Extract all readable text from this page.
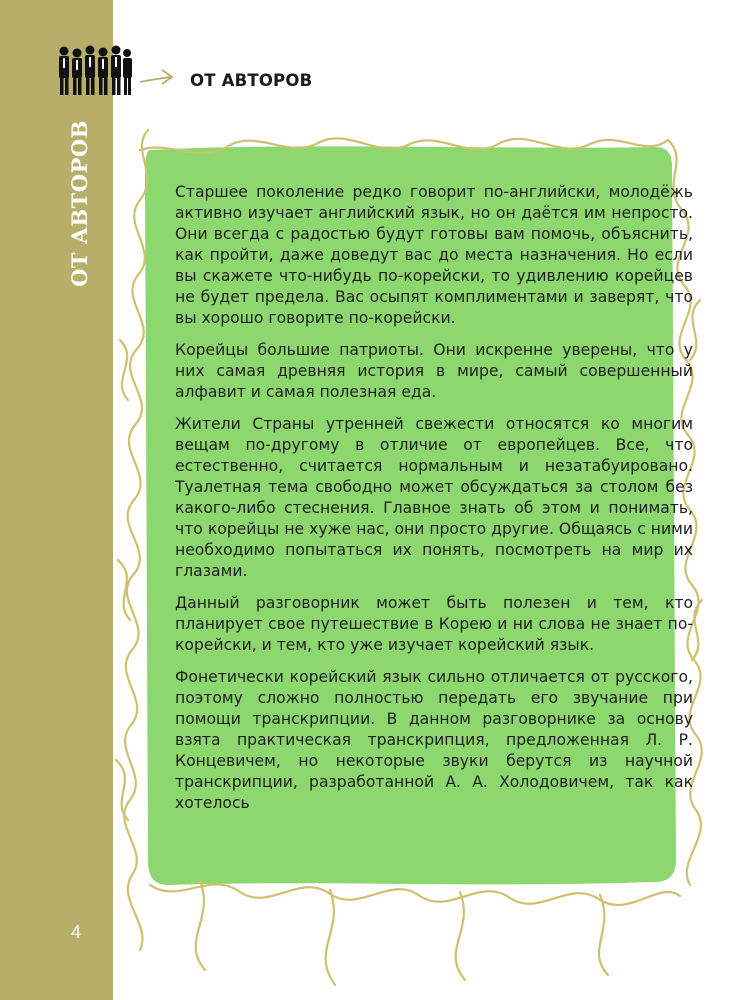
ОТ АВТОРОВ
4
ОТ АВТОРОВ

Старшее поколение редко говорит по-английски, молодёжь активно изучает английский язык, но он даётся им непросто. Они всегда с радостью будут готовы вам помочь, объяснить, как пройти, даже доведут вас до места назначения. Но если вы скажете что-нибудь по-корейски, то удивлению корейцев не будет предела. Вас осыпят комплиментами и заверят, что вы хорошо говорите по-корейски.

Корейцы большие патриоты. Они искренне уверены, что у них самая древняя история в мире, самый совершенный алфавит и самая полезная еда.

Жители Страны утренней свежести относятся ко многим вещам по-другому в отличие от европейцев. Все, что естественно, считается нормальным и незатабуировано. Туалетная тема свободно может обсуждаться за столом без какого-либо стеснения. Главное знать об этом и понимать, что корейцы не хуже нас, они просто другие. Общаясь с ними необходимо попытаться их понять, посмотреть на мир их глазами.

Данный разговорник может быть полезен и тем, кто планирует свое путешествие в Корею и ни слова не знает по-корейски, и тем, кто уже изучает корейский язык.

Фонетически корейский язык сильно отличается от русского, поэтому сложно полностью передать его звучание при помощи транскрипции. В данном разговорнике за основу взята практическая транскрипция, предложенная Л. Р. Концевичем, но некоторые звуки берутся из научной транскрипции, разработанной А. А. Холодовичем, так как хотелось
